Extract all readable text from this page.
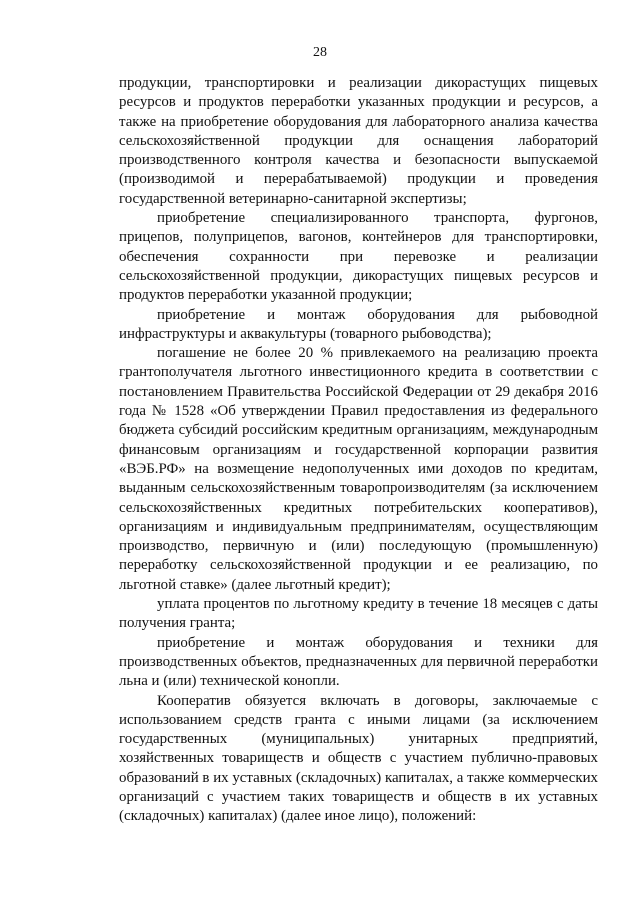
28

продукции, транспортировки и реализации дикорастущих пищевых ресурсов и продуктов переработки указанных продукции и ресурсов, а также на приобретение оборудования для лабораторного анализа качества сельскохозяйственной продукции для оснащения лабораторий производственного контроля качества и безопасности выпускаемой (производимой и перерабатываемой) продукции и проведения государственной ветеринарно-санитарной экспертизы;

приобретение специализированного транспорта, фургонов, прицепов, полуприцепов, вагонов, контейнеров для транспортировки, обеспечения сохранности при перевозке и реализации сельскохозяйственной продукции, дикорастущих пищевых ресурсов и продуктов переработки указанной продукции;

приобретение и монтаж оборудования для рыбоводной инфраструктуры и аквакультуры (товарного рыбоводства);

погашение не более 20 % привлекаемого на реализацию проекта грантополучателя льготного инвестиционного кредита в соответствии с постановлением Правительства Российской Федерации от 29 декабря 2016 года № 1528 «Об утверждении Правил предоставления из федерального бюджета субсидий российским кредитным организациям, международным финансовым организациям и государственной корпорации развития «ВЭБ.РФ» на возмещение недополученных ими доходов по кредитам, выданным сельскохозяйственным товаропроизводителям (за исключением сельскохозяйственных кредитных потребительских кооперативов), организациям и индивидуальным предпринимателям, осуществляющим производство, первичную и (или) последующую (промышленную) переработку сельскохозяйственной продукции и ее реализацию, по льготной ставке» (далее льготный кредит);

уплата процентов по льготному кредиту в течение 18 месяцев с даты получения гранта;

приобретение и монтаж оборудования и техники для производственных объектов, предназначенных для первичной переработки льна и (или) технической конопли.

Кооператив обязуется включать в договоры, заключаемые с использованием средств гранта с иными лицами (за исключением государственных (муниципальных) унитарных предприятий, хозяйственных товариществ и обществ с участием публично-правовых образований в их уставных (складочных) капиталах, а также коммерческих организаций с участием таких товариществ и обществ в их уставных (складочных) капиталах) (далее иное лицо), положений:
